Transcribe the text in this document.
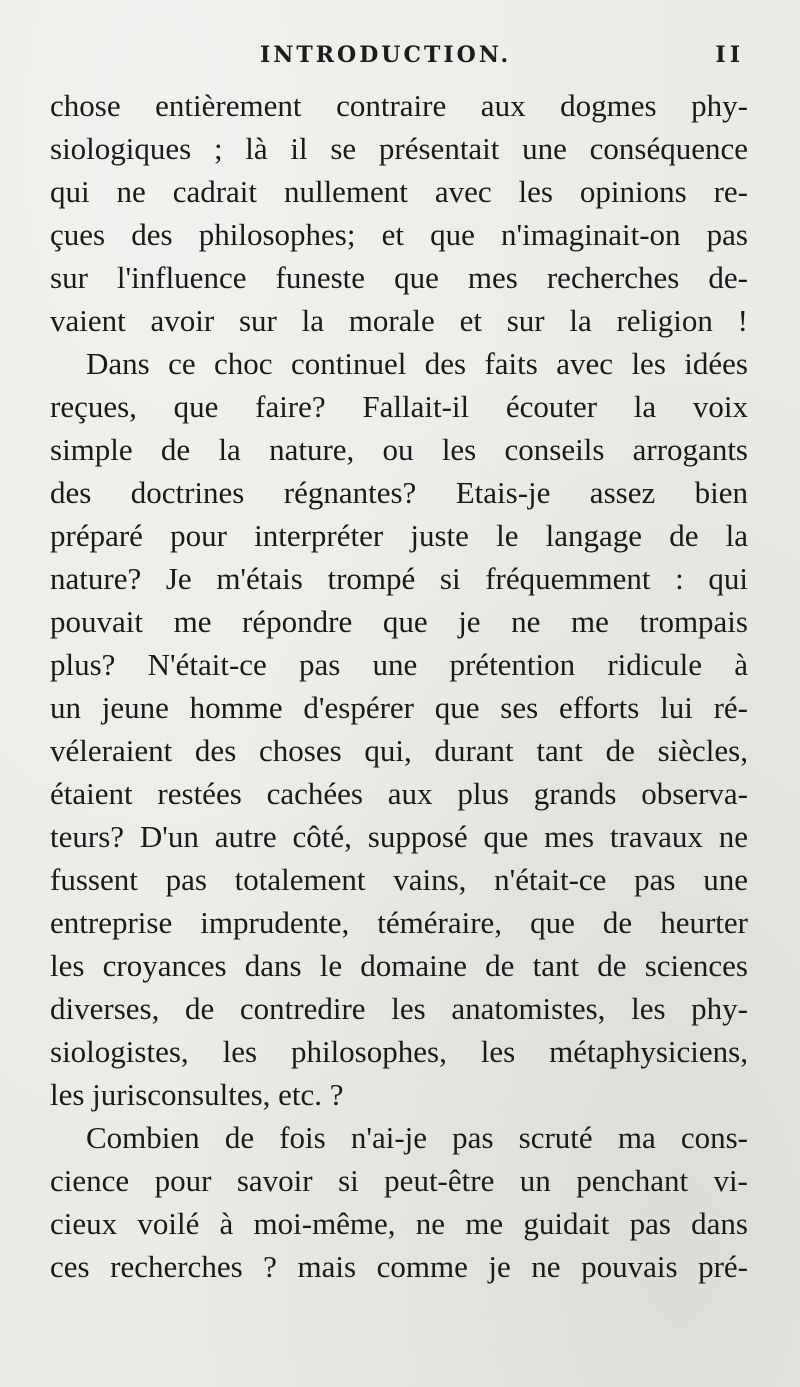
INTRODUCTION.	II
chose entièrement contraire aux dogmes phy-
siologiques ; là il se présentait une conséquence
qui ne cadrait nullement avec les opinions re-
çues des philosophes; et que n'imaginait-on pas
sur l'influence funeste que mes recherches de-
vaient avoir sur la morale et sur la religion !
Dans ce choc continuel des faits avec les idées
reçues, que faire? Fallait-il écouter la voix
simple de la nature, ou les conseils arrogants
des doctrines régnantes? Etais-je assez bien
préparé pour interpréter juste le langage de la
nature? Je m'étais trompé si fréquemment : qui
pouvait me répondre que je ne me trompais
plus? N'était-ce pas une prétention ridicule à
un jeune homme d'espérer que ses efforts lui ré-
véleraient des choses qui, durant tant de siècles,
étaient restées cachées aux plus grands observa-
teurs? D'un autre côté, supposé que mes travaux ne
fussent pas totalement vains, n'était-ce pas une
entreprise imprudente, téméraire, que de heurter
les croyances dans le domaine de tant de sciences
diverses, de contredire les anatomistes, les phy-
siologistes, les philosophes, les métaphysiciens,
les jurisconsultes, etc. ?
Combien de fois n'ai-je pas scruté ma cons-
cience pour savoir si peut-être un penchant vi-
cieux voilé à moi-même, ne me guidait pas dans
ces recherches ? mais comme je ne pouvais pré-
